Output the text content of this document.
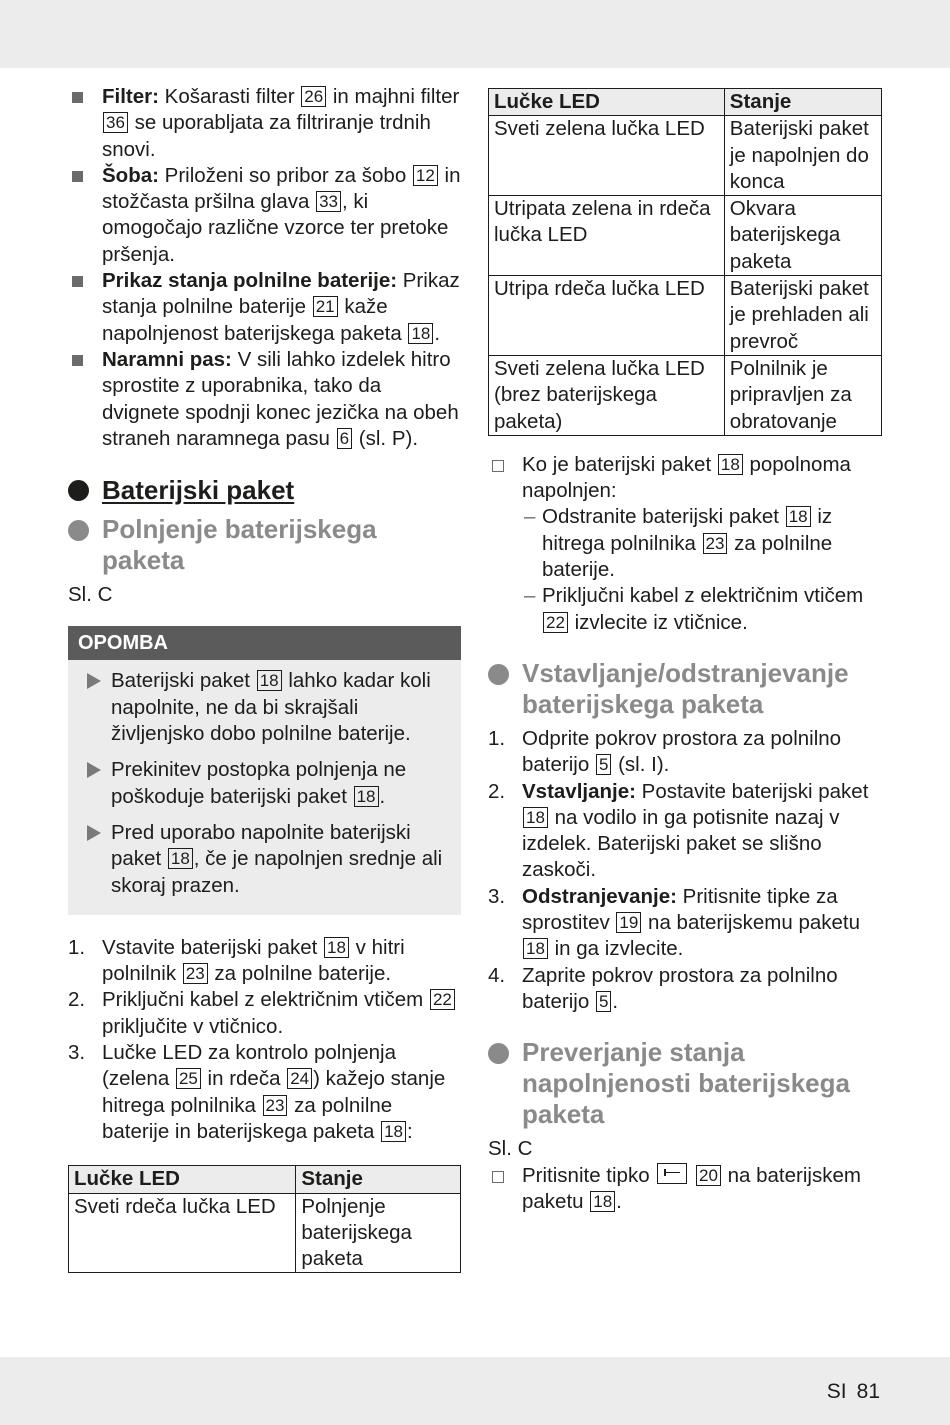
Filter: Košarasti filter 26 in majhni filter 36 se uporabljata za filtriranje trdnih snovi.
Šoba: Priloženi so pribor za šobo 12 in stožčasta pršilna glava 33 , ki omogočajo različne vzorce ter pretoke pršenja.
Prikaz stanja polnilne baterije: Prikaz stanja polnilne baterije 21 kaže napolnjenost baterijskega paketa 18 .
Naramni pas: V sili lahko izdelek hitro sprostite z uporabnika, tako da dvignete spodnji konec jezička na obeh straneh naramnega pasu 6 (sl. P).
Baterijski paket
Polnjenje baterijskega paketa

Sl. C

OPOMBA
Baterijski paket 18 lahko kadar koli napolnite, ne da bi skrajšali življenjsko dobo polnilne baterije.
Prekinitev postopka polnjenja ne poškoduje baterijski paket 18 .
Pred uporabo napolnite baterijski paket 18 , če je napolnjen srednje ali skoraj prazen.
1. Vstavite baterijski paket 18 v hitri polnilnik 23 za polnilne baterije.
2. Priključni kabel z električnim vtičem 22 priključite v vtičnico.
3. Lučke LED za kontrolo polnjenja (zelena 25 in rdeča 24 ) kažejo stanje hitrega polnilnika 23 za polnilne baterije in baterijskega paketa 18 :
Lučke LED	Stanje
Sveti rdeča lučka LED	Polnjenje baterijskega paketa
Lučke LED	Stanje
Sveti zelena lučka LED	Baterijski paket je napolnjen do konca
Utripata zelena in rdeča lučka LED	Okvara baterijskega paketa
Utripa rdeča lučka LED	Baterijski paket je prehladen ali prevroč
Sveti zelena lučka LED (brez baterijskega paketa)	Polnilnik je pripravljen za obratovanje
Ko je baterijski paket 18 popolnoma napolnjen:
– Odstranite baterijski paket 18 iz hitrega polnilnika 23 za polnilne baterije.
– Priključni kabel z električnim vtičem 22 izvlecite iz vtičnice.
Vstavljanje/odstranjevanje baterijskega paketa
1. Odprite pokrov prostora za polnilno baterijo 5 (sl. I).
2. Vstavljanje: Postavite baterijski paket 18 na vodilo in ga potisnite nazaj v izdelek. Baterijski paket se slišno zaskoči.
3. Odstranjevanje: Pritisnite tipke za sprostitev 19 na baterijskemu paketu 18 in ga izvlecite.
4. Zaprite pokrov prostora za polnilno baterijo 5 .
Preverjanje stanja napolnjenosti baterijskega paketa

Sl. C

Pritisnite tipko	20 na baterijskem paketu 18 .
SI 81
